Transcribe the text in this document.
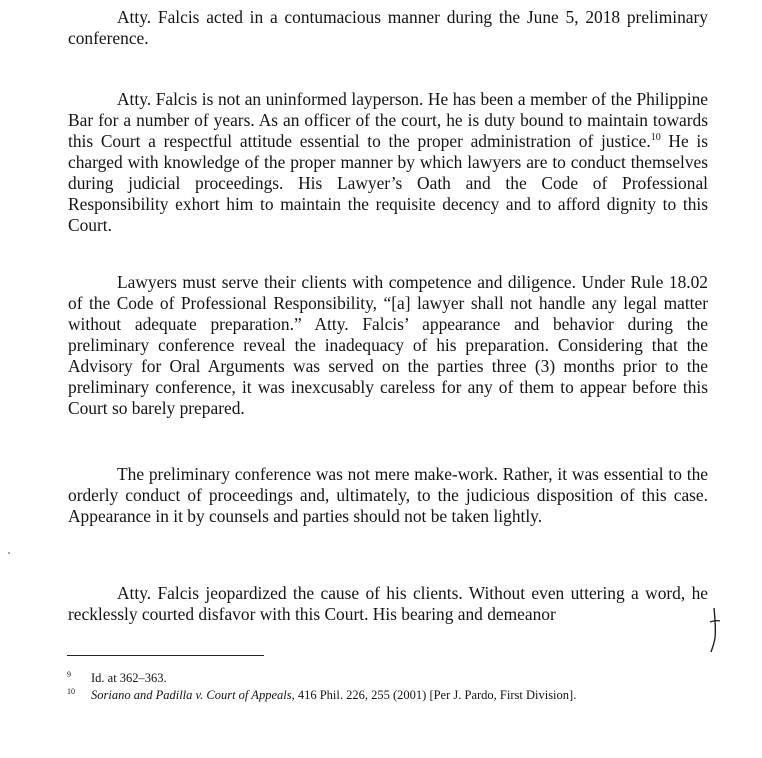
Atty. Falcis acted in a contumacious manner during the June 5, 2018 preliminary conference.

Atty. Falcis is not an uninformed layperson. He has been a member of the Philippine Bar for a number of years. As an officer of the court, he is duty bound to maintain towards this Court a respectful attitude essential to the proper administration of justice.$^{10}$ He is charged with knowledge of the proper manner by which lawyers are to conduct themselves during judicial proceedings. His Lawyer’s Oath and the Code of Professional Responsibility exhort him to maintain the requisite decency and to afford dignity to this Court.

Lawyers must serve their clients with competence and diligence. Under Rule 18.02 of the Code of Professional Responsibility, “[a] lawyer shall not handle any legal matter without adequate preparation.” Atty. Falcis’ appearance and behavior during the preliminary conference reveal the inadequacy of his preparation. Considering that the Advisory for Oral Arguments was served on the parties three (3) months prior to the preliminary conference, it was inexcusably careless for any of them to appear before this Court so barely prepared.

The preliminary conference was not mere make-work. Rather, it was essential to the orderly conduct of proceedings and, ultimately, to the judicious disposition of this case. Appearance in it by counsels and parties should not be taken lightly.

Atty. Falcis jeopardized the cause of his clients. Without even uttering a word, he recklessly courted disfavor with this Court. His bearing and demeanor

9 Id. at 362–363.
10 Soriano and Padilla v. Court of Appeals, 416 Phil. 226, 255 (2001) [Per J. Pardo, First Division].
